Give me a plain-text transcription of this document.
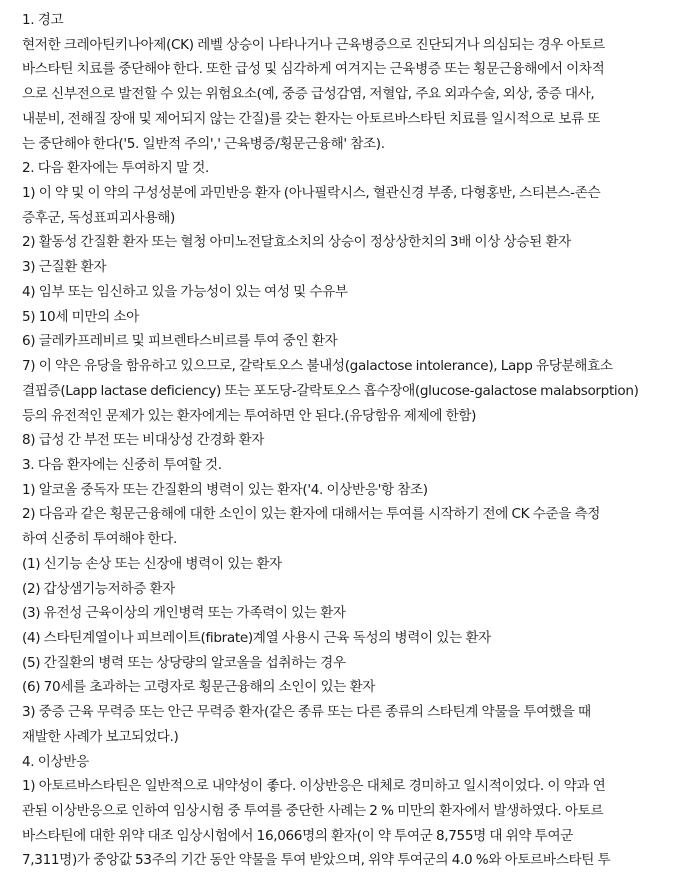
1. 경고
현저한 크레아틴키나아제(CK) 레벨 상승이 나타나거나 근육병증으로 진단되거나 의심되는 경우 아토르
바스타틴 치료를 중단해야 한다. 또한 급성 및 심각하게 여겨지는 근육병증 또는 횡문근융해에서 이차적
으로 신부전으로 발전할 수 있는 위험요소(예, 중증 급성감염, 저혈압, 주요 외과수술, 외상, 중증 대사,
내분비, 전해질 장애 및 제어되지 않는 간질)를 갖는 환자는 아토르바스타틴 치료를 일시적으로 보류 또
는 중단해야 한다('5. 일반적 주의',' 근육병증/횡문근융해' 참조).
2. 다음 환자에는 투여하지 말 것.
1) 이 약 및 이 약의 구성성분에 과민반응 환자 (아나필락시스, 혈관신경 부종, 다형홍반, 스티븐스-존슨
증후군, 독성표피괴사용해)
2) 활동성 간질환 환자 또는 혈청 아미노전달효소치의 상승이 정상상한치의 3배 이상 상승된 환자
3) 근질환 환자
4) 임부 또는 임신하고 있을 가능성이 있는 여성 및 수유부
5) 10세 미만의 소아
6) 글레카프레비르 및 피브렌타스비르를 투여 중인 환자
7) 이 약은 유당을 함유하고 있으므로, 갈락토오스 불내성(galactose intolerance), Lapp 유당분해효소
결핍증(Lapp lactase deficiency) 또는 포도당-갈락토오스 흡수장애(glucose-galactose malabsorption)
등의 유전적인 문제가 있는 환자에게는 투여하면 안 된다.(유당함유 제제에 한함)
8) 급성 간 부전 또는 비대상성 간경화 환자
3. 다음 환자에는 신중히 투여할 것.
1) 알코올 중독자 또는 간질환의 병력이 있는 환자('4. 이상반응'항 참조)
2) 다음과 같은 횡문근융해에 대한 소인이 있는 환자에 대해서는 투여를 시작하기 전에 CK 수준을 측정
하여 신중히 투여해야 한다.
(1) 신기능 손상 또는 신장애 병력이 있는 환자
(2) 갑상샘기능저하증 환자
(3) 유전성 근육이상의 개인병력 또는 가족력이 있는 환자
(4) 스타틴계열이나 피브레이트(fibrate)계열 사용시 근육 독성의 병력이 있는 환자
(5) 간질환의 병력 또는 상당량의 알코올을 섭취하는 경우
(6) 70세를 초과하는 고령자로 횡문근융해의 소인이 있는 환자
3) 중증 근육 무력증 또는 안근 무력증 환자(같은 종류 또는 다른 종류의 스타틴계 약물을 투여했을 때
재발한 사례가 보고되었다.)
4. 이상반응
1) 아토르바스타틴은 일반적으로 내약성이 좋다. 이상반응은 대체로 경미하고 일시적이었다. 이 약과 연
관된 이상반응으로 인하여 임상시험 중 투여를 중단한 사례는 2 % 미만의 환자에서 발생하였다. 아토르
바스타틴에 대한 위약 대조 임상시험에서 16,066명의 환자(이 약 투여군 8,755명 대 위약 투여군
7,311명)가 중앙값 53주의 기간 동안 약물을 투여 받았으며, 위약 투여군의 4.0 %와 아토르바스타틴 투
